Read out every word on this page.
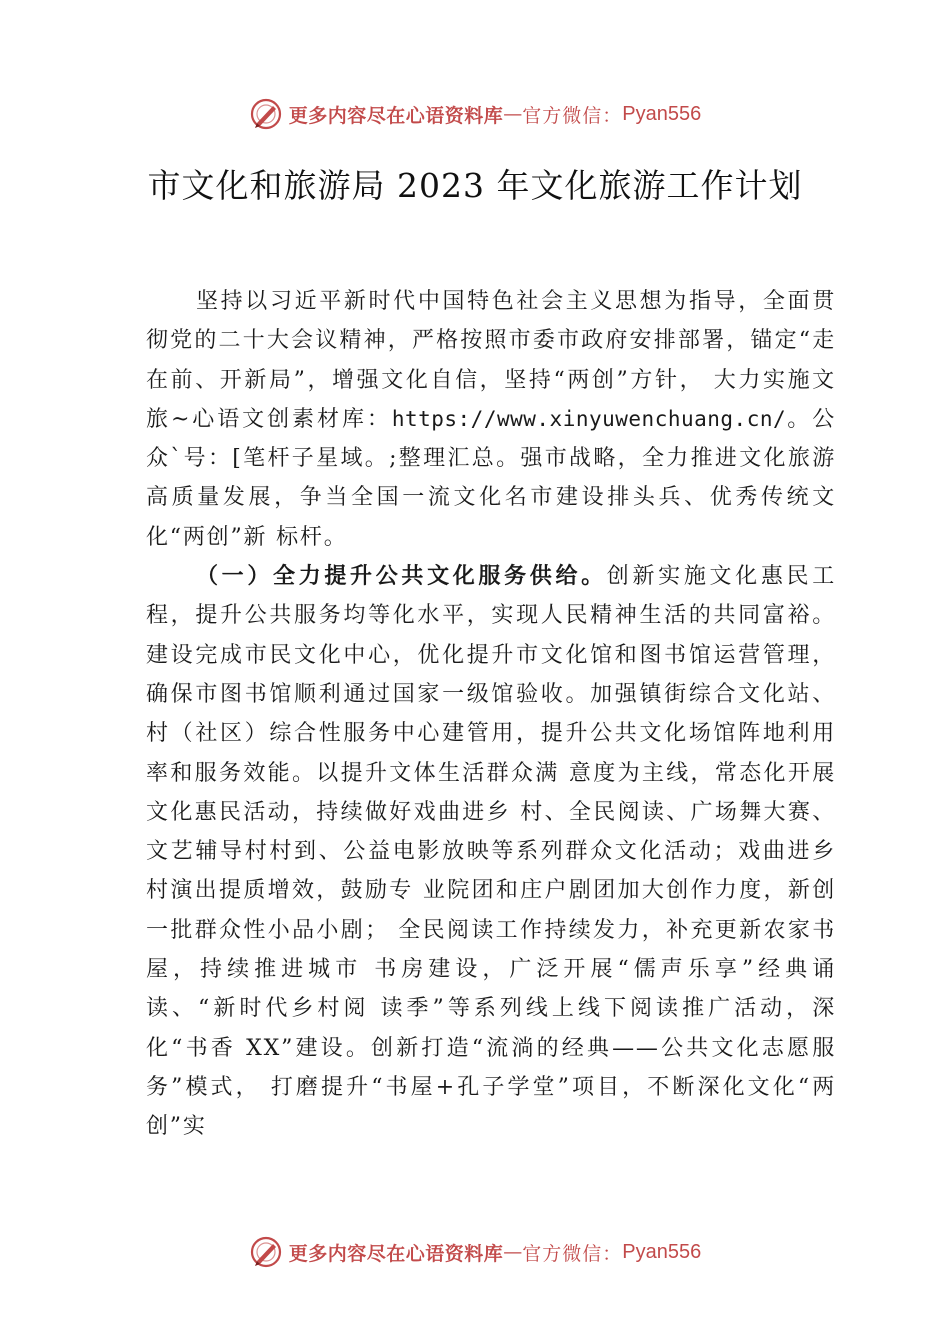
更多内容尽在心语资料库 — 官方微信： Pyan556
市文化和旅游局 2023 年文化旅游工作计划

坚持以习近平新时代中国特色社会主义思想为指导，全面贯彻党的二十大会议精神，严格按照市委市政府安排部署，锚定“走在前、开新局”，增强文化自信，坚持“两创”方针， 大力实施文旅~心语文创素材库：https://www.xinyuwenchuang.cn/。公众`号：[笔杆子星域。;整理汇总。强市战略，全力推进文化旅游高质量发展，争当全国一流文化名市建设排头兵、优秀传统文化“两创”新 标杆。

（一）全力提升公共文化服务供给。创新实施文化惠民工程，提升公共服务均等化水平，实现人民精神生活的共同富裕。建设完成市民文化中心，优化提升市文化馆和图书馆运营管理，确保市图书馆顺利通过国家一级馆验收。加强镇街综合文化站、村（社区）综合性服务中心建管用，提升公共文化场馆阵地利用率和服务效能。以提升文体生活群众满 意度为主线，常态化开展文化惠民活动，持续做好戏曲进乡 村、全民阅读、广场舞大赛、文艺辅导村村到、公益电影放映等系列群众文化活动；戏曲进乡村演出提质增效，鼓励专 业院团和庄户剧团加大创作力度，新创一批群众性小品小剧； 全民阅读工作持续发力，补充更新农家书屋，持续推进城市 书房建设，广泛开展“儒声乐享”经典诵读、“新时代乡村阅 读季”等系列线上线下阅读推广活动，深化“书香 XX”建设。创新打造“流淌的经典——公共文化志愿服务”模式， 打磨提升“书屋+孔子学堂”项目，不断深化文化“两创”实

更多内容尽在心语资料库 — 官方微信： Pyan556
